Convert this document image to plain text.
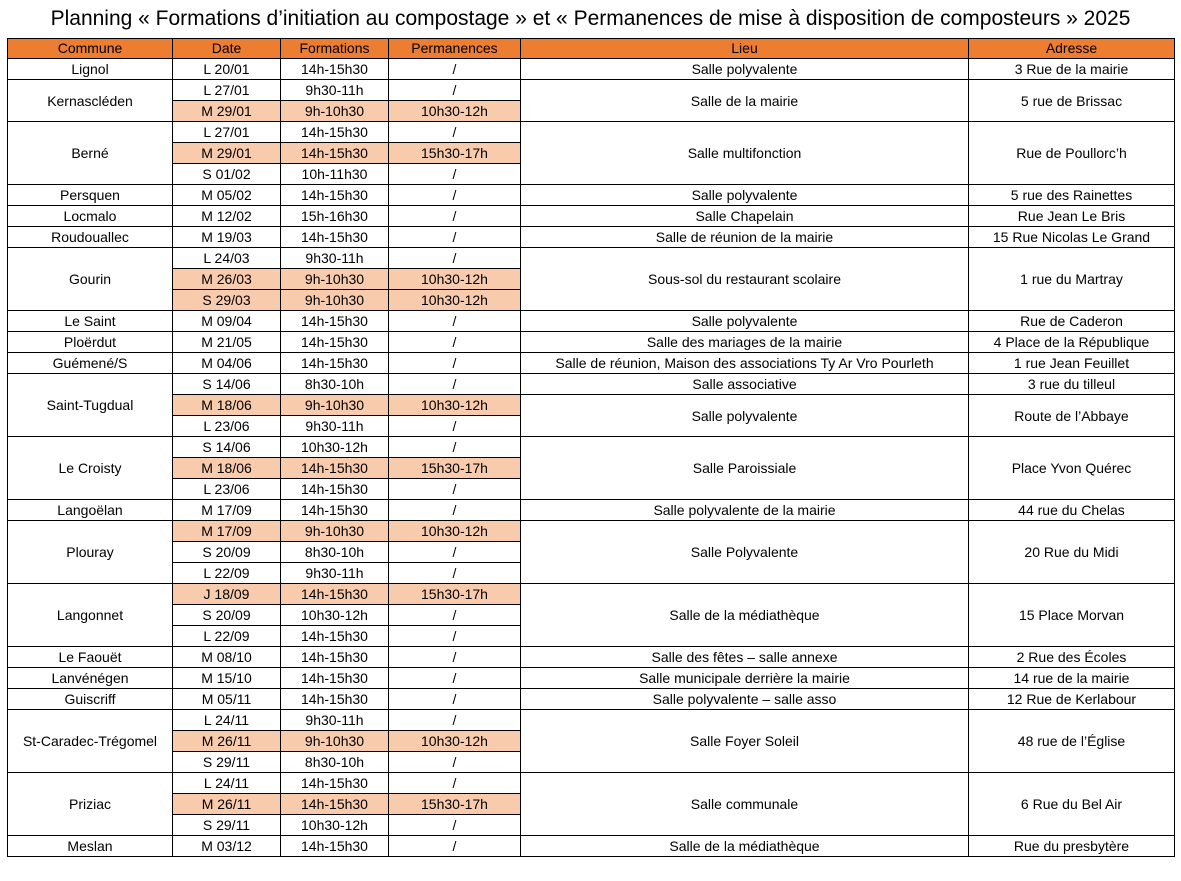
Planning « Formations d’initiation au compostage » et « Permanences de mise à disposition de composteurs » 2025
Commune	Date	Formations	Permanences	Lieu	Adresse
Lignol	L 20/01	14h-15h30	/	Salle polyvalente	3 Rue de la mairie
Kernascléden	L 27/01	9h30-11h	/	Salle de la mairie	5 rue de Brissac
	M 29/01	9h-10h30	10h30-12h		
Berné	L 27/01	14h-15h30	/	Salle multifonction	Rue de Poullorc’h
	M 29/01	14h-15h30	15h30-17h		
	S 01/02	10h-11h30	/		
Persquen	M 05/02	14h-15h30	/	Salle polyvalente	5 rue des Rainettes
Locmalo	M 12/02	15h-16h30	/	Salle Chapelain	Rue Jean Le Bris
Roudouallec	M 19/03	14h-15h30	/	Salle de réunion de la mairie	15 Rue Nicolas Le Grand
Gourin	L 24/03	9h30-11h	/	Sous-sol du restaurant scolaire	1 rue du Martray
	M 26/03	9h-10h30	10h30-12h		
	S 29/03	9h-10h30	10h30-12h		
Le Saint	M 09/04	14h-15h30	/	Salle polyvalente	Rue de Caderon
Ploërdut	M 21/05	14h-15h30	/	Salle des mariages de la mairie	4 Place de la République
Guémené/S	M 04/06	14h-15h30	/	Salle de réunion, Maison des associations Ty Ar Vro Pourleth	1 rue Jean Feuillet
Saint-Tugdual	S 14/06	8h30-10h	/	Salle associative	3 rue du tilleul
	M 18/06	9h-10h30	10h30-12h	Salle polyvalente	Route de l’Abbaye
	L 23/06	9h30-11h	/		
Le Croisty	S 14/06	10h30-12h	/	Salle Paroissiale	Place Yvon Quérec
	M 18/06	14h-15h30	15h30-17h		
	L 23/06	14h-15h30	/		
Langoëlan	M 17/09	14h-15h30	/	Salle polyvalente de la mairie	44 rue du Chelas
Plouray	M 17/09	9h-10h30	10h30-12h	Salle Polyvalente	20 Rue du Midi
	S 20/09	8h30-10h	/		
	L 22/09	9h30-11h	/		
Langonnet	J 18/09	14h-15h30	15h30-17h	Salle de la médiathèque	15 Place Morvan
	S 20/09	10h30-12h	/		
	L 22/09	14h-15h30	/		
Le Faouët	M 08/10	14h-15h30	/	Salle des fêtes – salle annexe	2 Rue des Écoles
Lanvénégen	M 15/10	14h-15h30	/	Salle municipale derrière la mairie	14 rue de la mairie
Guiscriff	M 05/11	14h-15h30	/	Salle polyvalente – salle asso	12 Rue de Kerlabour
St-Caradec-Trégomel	L 24/11	9h30-11h	/	Salle Foyer Soleil	48 rue de l’Église
	M 26/11	9h-10h30	10h30-12h		
	S 29/11	8h30-10h	/		
Priziac	L 24/11	14h-15h30	/	Salle communale	6 Rue du Bel Air
	M 26/11	14h-15h30	15h30-17h		
	S 29/11	10h30-12h	/		
Meslan	M 03/12	14h-15h30	/	Salle de la médiathèque	Rue du presbytère
